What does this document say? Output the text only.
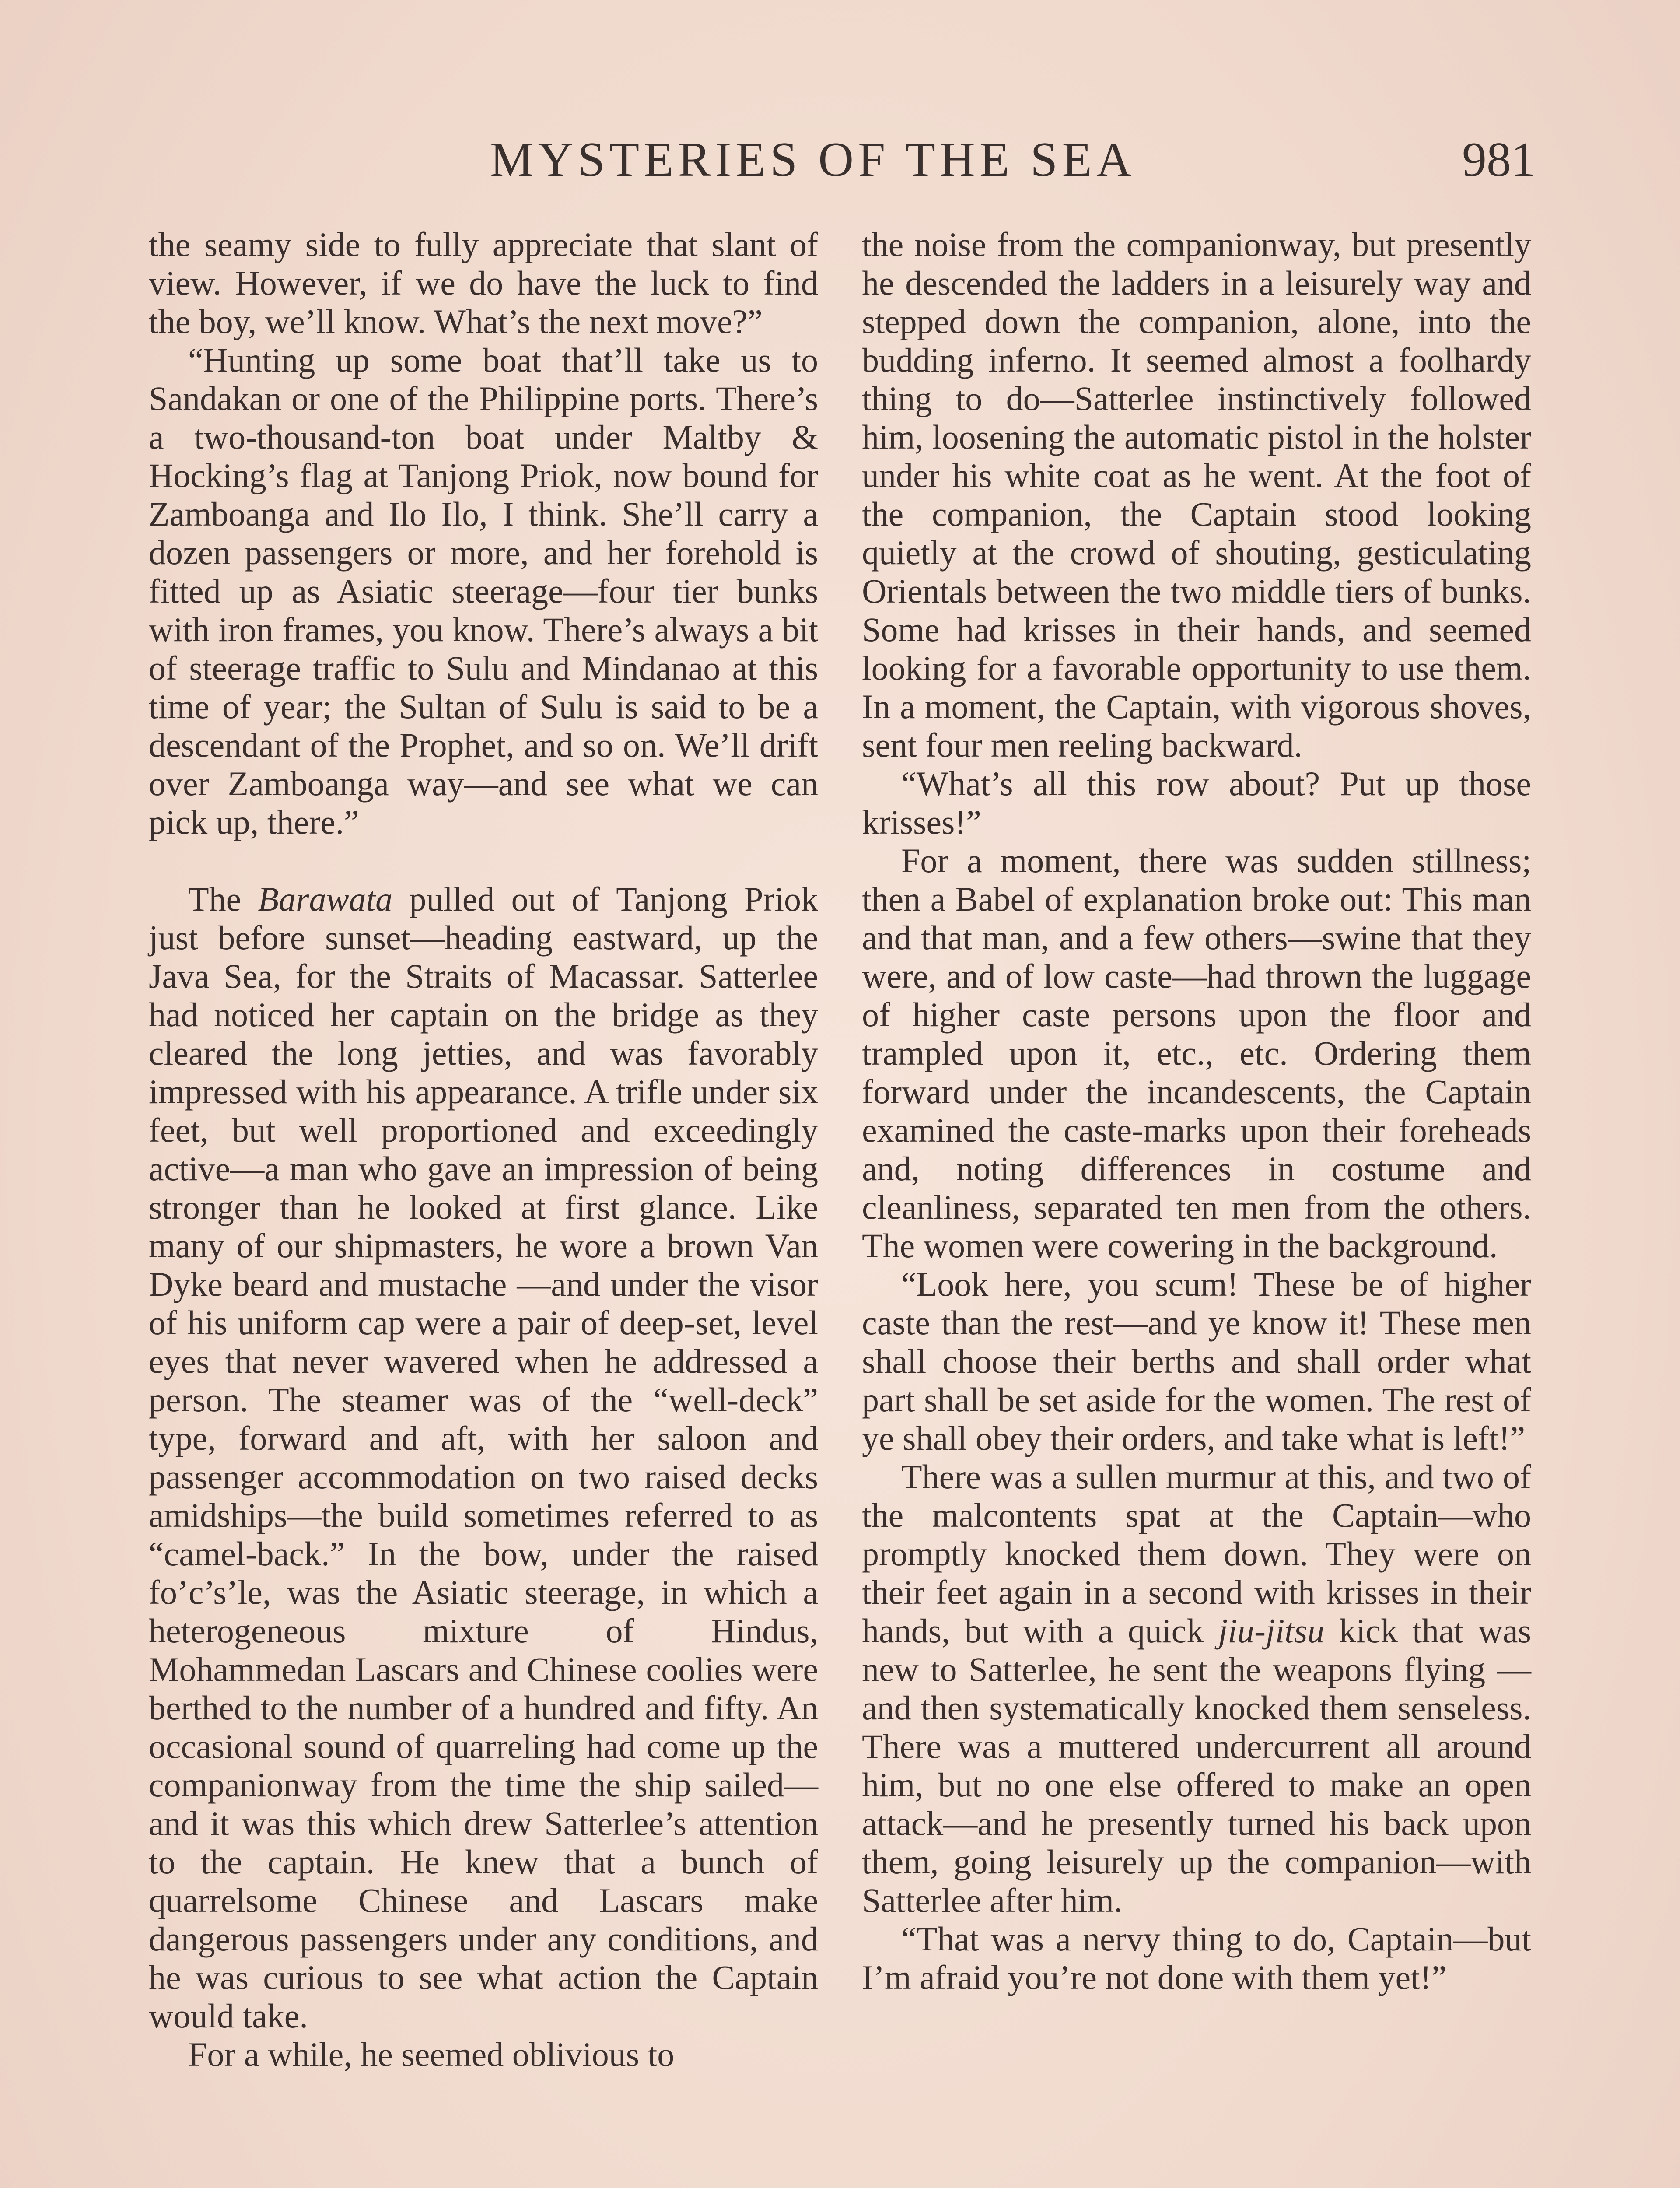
MYSTERIES OF THE SEA	981

the seamy side to fully appreciate that slant of view. However, if we do have the luck to find the boy, we’ll know. What’s the next move?”

“Hunting up some boat that’ll take us to Sandakan or one of the Philippine ports. There’s a two-thousand-ton boat under Maltby & Hocking’s flag at Tanjong Priok, now bound for Zamboanga and Ilo Ilo, I think. She’ll carry a dozen passengers or more, and her forehold is fitted up as Asiatic steerage—four tier bunks with iron frames, you know. There’s always a bit of steerage traffic to Sulu and Mindanao at this time of year; the Sultan of Sulu is said to be a descendant of the Prophet, and so on. We’ll drift over Zamboanga way—and see what we can pick up, there.”

The Barawata pulled out of Tanjong Priok just before sunset—heading eastward, up the Java Sea, for the Straits of Macassar. Satterlee had noticed her captain on the bridge as they cleared the long jetties, and was favorably impressed with his appearance. A trifle under six feet, but well proportioned and exceedingly active—a man who gave an impression of being stronger than he looked at first glance. Like many of our shipmasters, he wore a brown Van Dyke beard and mustache —and under the visor of his uniform cap were a pair of deep-set, level eyes that never wavered when he addressed a person. The steamer was of the “well-deck” type, forward and aft, with her saloon and passenger accommodation on two raised decks amidships—the build sometimes referred to as “camel-back.” In the bow, under the raised fo’c’s’le, was the Asiatic steerage, in which a heterogeneous mixture of Hindus, Mohammedan Lascars and Chinese coolies were berthed to the number of a hundred and fifty. An occasional sound of quarreling had come up the companionway from the time the ship sailed—and it was this which drew Satterlee’s attention to the captain. He knew that a bunch of quarrelsome Chinese and Lascars make dangerous passengers under any conditions, and he was curious to see what action the Captain would take.

For a while, he seemed oblivious to

the noise from the companionway, but presently he descended the ladders in a leisurely way and stepped down the companion, alone, into the budding inferno. It seemed almost a foolhardy thing to do—Satterlee instinctively followed him, loosening the automatic pistol in the holster under his white coat as he went. At the foot of the companion, the Captain stood looking quietly at the crowd of shouting, gesticulating Orientals between the two middle tiers of bunks. Some had krisses in their hands, and seemed looking for a favorable opportunity to use them. In a moment, the Captain, with vigorous shoves, sent four men reeling backward.

“What’s all this row about? Put up those krisses!”

For a moment, there was sudden stillness; then a Babel of explanation broke out: This man and that man, and a few others—swine that they were, and of low caste—had thrown the luggage of higher caste persons upon the floor and trampled upon it, etc., etc. Ordering them forward under the incandescents, the Captain examined the caste-marks upon their foreheads and, noting differences in costume and cleanliness, separated ten men from the others. The women were cowering in the background.

“Look here, you scum! These be of higher caste than the rest—and ye know it! These men shall choose their berths and shall order what part shall be set aside for the women. The rest of ye shall obey their orders, and take what is left!”

There was a sullen murmur at this, and two of the malcontents spat at the Captain—who promptly knocked them down. They were on their feet again in a second with krisses in their hands, but with a quick jiu-jitsu kick that was new to Satterlee, he sent the weapons flying — and then systematically knocked them senseless. There was a muttered undercurrent all around him, but no one else offered to make an open attack—and he presently turned his back upon them, going leisurely up the companion—with Satterlee after him.

“That was a nervy thing to do, Captain—but I’m afraid you’re not done with them yet!”
